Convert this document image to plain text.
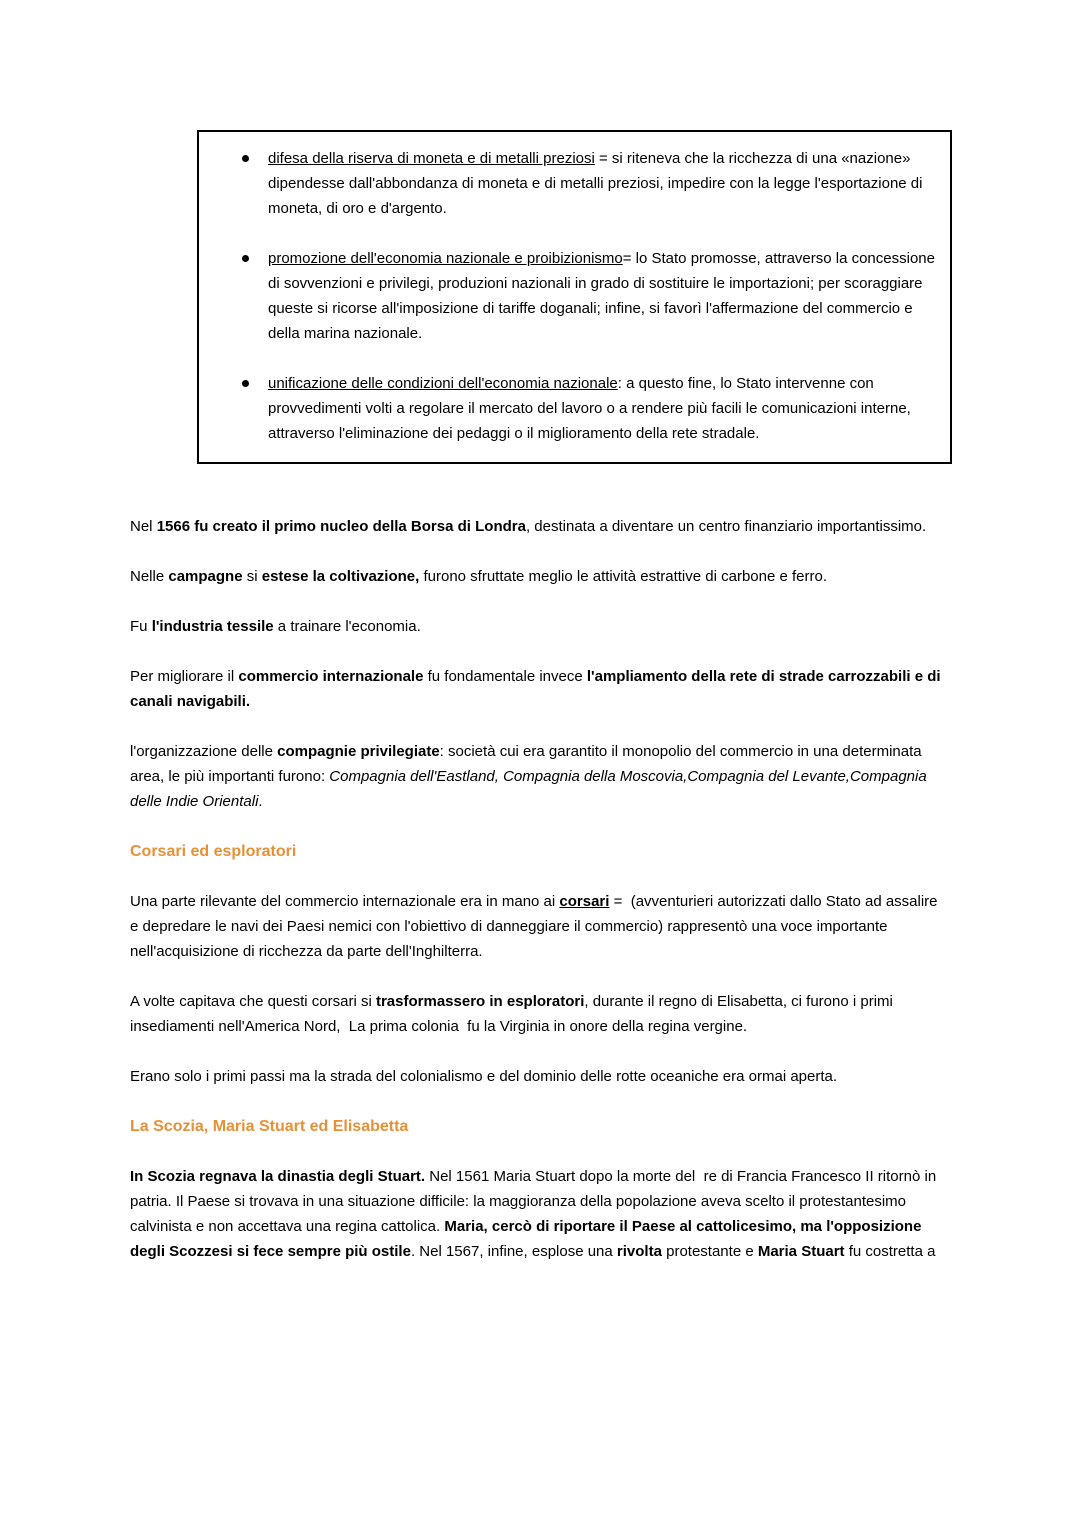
difesa della riserva di moneta e di metalli preziosi = si riteneva che la ricchezza di una «nazione» dipendesse dall'abbondanza di moneta e di metalli preziosi, impedire con la legge l'esportazione di moneta, di oro e d'argento.
promozione dell'economia nazionale e proibizionismo= lo Stato promosse, attraverso la concessione di sovvenzioni e privilegi, produzioni nazionali in grado di sostituire le importazioni; per scoraggiare queste si ricorse all'imposizione di tariffe doganali; infine, si favorì l'affermazione del commercio e della marina nazionale.
unificazione delle condizioni dell'economia nazionale: a questo fine, lo Stato intervenne con provvedimenti volti a regolare il mercato del lavoro o a rendere più facili le comunicazioni interne, attraverso l'eliminazione dei pedaggi o il miglioramento della rete stradale.

Nel 1566 fu creato il primo nucleo della Borsa di Londra, destinata a diventare un centro finanziario importantissimo.

Nelle campagne si estese la coltivazione, furono sfruttate meglio le attività estrattive di carbone e ferro.

Fu l'industria tessile a trainare l'economia.

Per migliorare il commercio internazionale fu fondamentale invece l'ampliamento della rete di strade carrozzabili e di canali navigabili.

l'organizzazione delle compagnie privilegiate: società cui era garantito il monopolio del commercio in una determinata area, le più importanti furono: Compagnia dell'Eastland, Compagnia della Moscovia,Compagnia del Levante,Compagnia delle Indie Orientali.

Corsari ed esploratori

Una parte rilevante del commercio internazionale era in mano ai corsari =  (avventurieri autorizzati dallo Stato ad assalire e depredare le navi dei Paesi nemici con l'obiettivo di danneggiare il commercio) rappresentò una voce importante nell'acquisizione di ricchezza da parte dell'Inghilterra.

A volte capitava che questi corsari si trasformassero in esploratori, durante il regno di Elisabetta, ci furono i primi insediamenti nell'America Nord,  La prima colonia  fu la Virginia in onore della regina vergine.

Erano solo i primi passi ma la strada del colonialismo e del dominio delle rotte oceaniche era ormai aperta.

La Scozia, Maria Stuart ed Elisabetta

In Scozia regnava la dinastia degli Stuart. Nel 1561 Maria Stuart dopo la morte del  re di Francia Francesco II ritornò in patria. Il Paese si trovava in una situazione difficile: la maggioranza della popolazione aveva scelto il protestantesimo calvinista e non accettava una regina cattolica. Maria, cercò di riportare il Paese al cattolicesimo, ma l'opposizione degli Scozzesi si fece sempre più ostile. Nel 1567, infine, esplose una rivolta protestante e Maria Stuart fu costretta a
